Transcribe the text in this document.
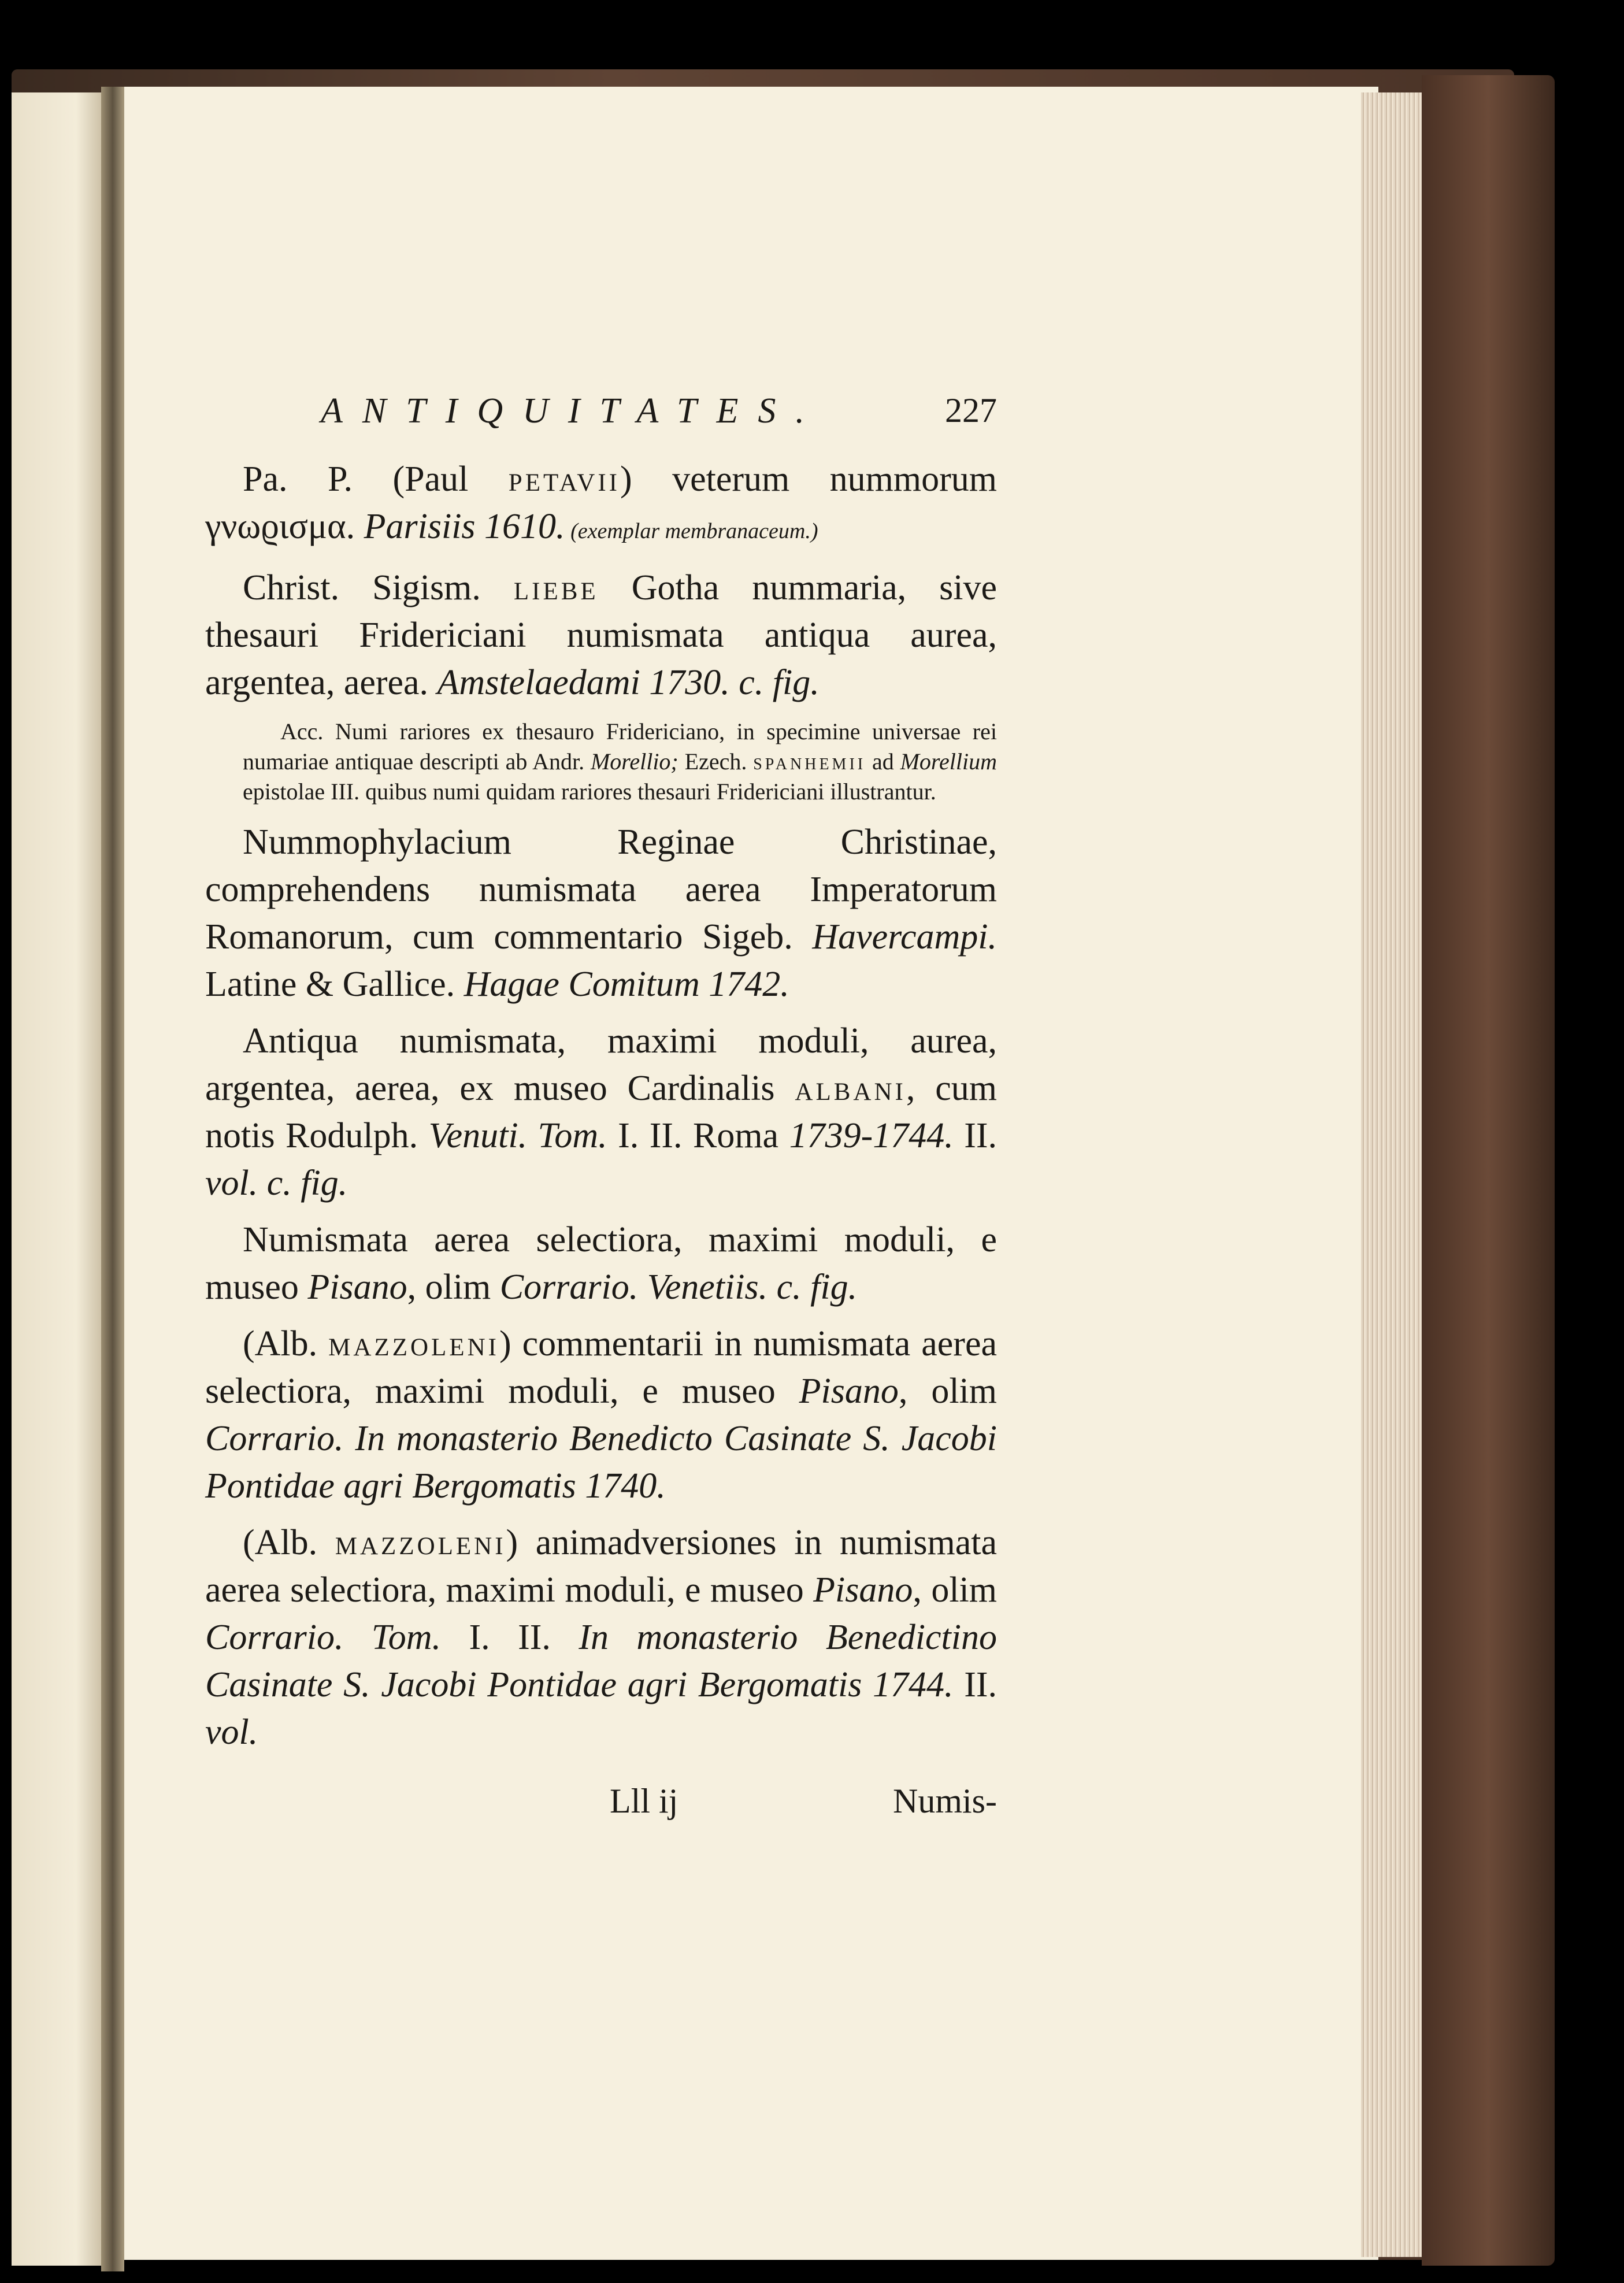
ANTIQUITATES.	227

Pa. P. (Paul petavii) veterum nummorum γνωϱισμα. Parisiis 1610. (exemplar membranaceum.)

Christ. Sigism. liebe Gotha nummaria, sive thesauri Fridericiani numismata antiqua aurea, argentea, aerea. Amstelaedami 1730. c. fig.

Acc. Numi rariores ex thesauro Fridericiano, in specimine universae rei numariae antiquae descripti ab Andr. Morellio; Ezech. spanhemii ad Morellium epistolae III. quibus numi quidam rariores thesauri Fridericiani illustrantur.

Nummophylacium Reginae Christinae, comprehendens numismata aerea Imperatorum Romanorum, cum commentario Sigeb. Havercampi. Latine & Gallice. Hagae Comitum 1742.

Antiqua numismata, maximi moduli, aurea, argentea, aerea, ex museo Cardinalis albani, cum notis Rodulph. Venuti. Tom. I. II. Roma 1739-1744. II. vol. c. fig.

Numismata aerea selectiora, maximi moduli, e museo Pisano, olim Corrario. Venetiis. c. fig.

(Alb. mazzoleni) commentarii in numismata aerea selectiora, maximi moduli, e museo Pisano, olim Corrario. In monasterio Benedicto Casinate S. Jacobi Pontidae agri Bergomatis 1740.

(Alb. mazzoleni) animadversiones in numismata aerea selectiora, maximi moduli, e museo Pisano, olim Corrario. Tom. I. II. In monasterio Benedictino Casinate S. Jacobi Pontidae agri Bergomatis 1744. II. vol.

Lll ij	Numis-
